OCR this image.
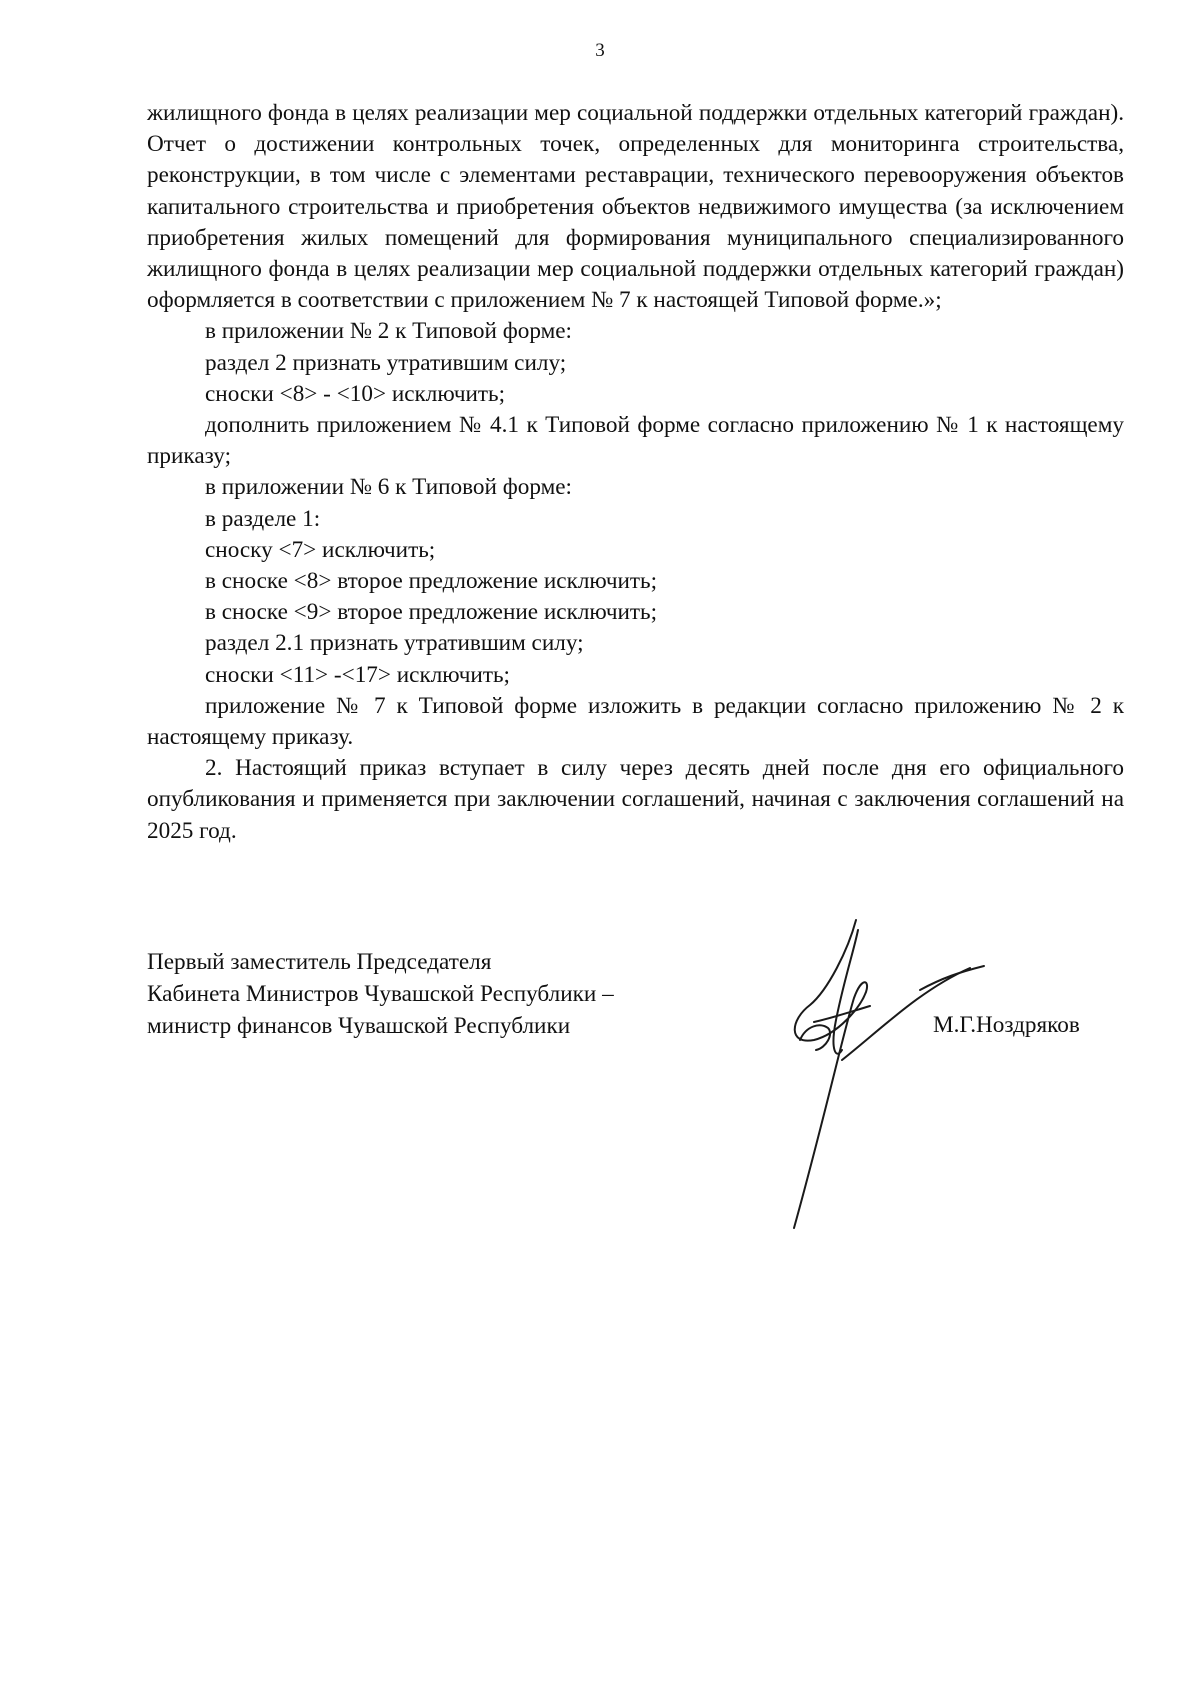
3

жилищного фонда в целях реализации мер социальной поддержки отдельных категорий граждан). Отчет о достижении контрольных точек, определенных для мониторинга строительства, реконструкции, в том числе с элементами реставрации, технического перевооружения объектов капитального строительства и приобретения объектов недвижимого имущества (за исключением приобретения жилых помещений для формирования муниципального специализированного жилищного фонда в целях реализации мер социальной поддержки отдельных категорий граждан) оформляется в соответствии с приложением № 7 к настоящей Типовой форме.»;

в приложении № 2 к Типовой форме:

раздел 2 признать утратившим силу;

сноски <8> - <10> исключить;

дополнить приложением № 4.1 к Типовой форме согласно приложению № 1 к настоящему приказу;

в приложении № 6 к Типовой форме:

в разделе 1:

сноску <7> исключить;

в сноске <8> второе предложение исключить;

в сноске <9> второе предложение исключить;

раздел 2.1 признать утратившим силу;

сноски <11> -<17> исключить;

приложение № 7 к Типовой форме изложить в редакции согласно приложению № 2 к настоящему приказу.

2. Настоящий приказ вступает в силу через десять дней после дня его официального опубликования и применяется при заключении соглашений, начиная с заключения соглашений на 2025 год.

Первый заместитель Председателя
Кабинета Министров Чувашской Республики –
министр финансов Чувашской Республики	М.Г.Ноздряков
